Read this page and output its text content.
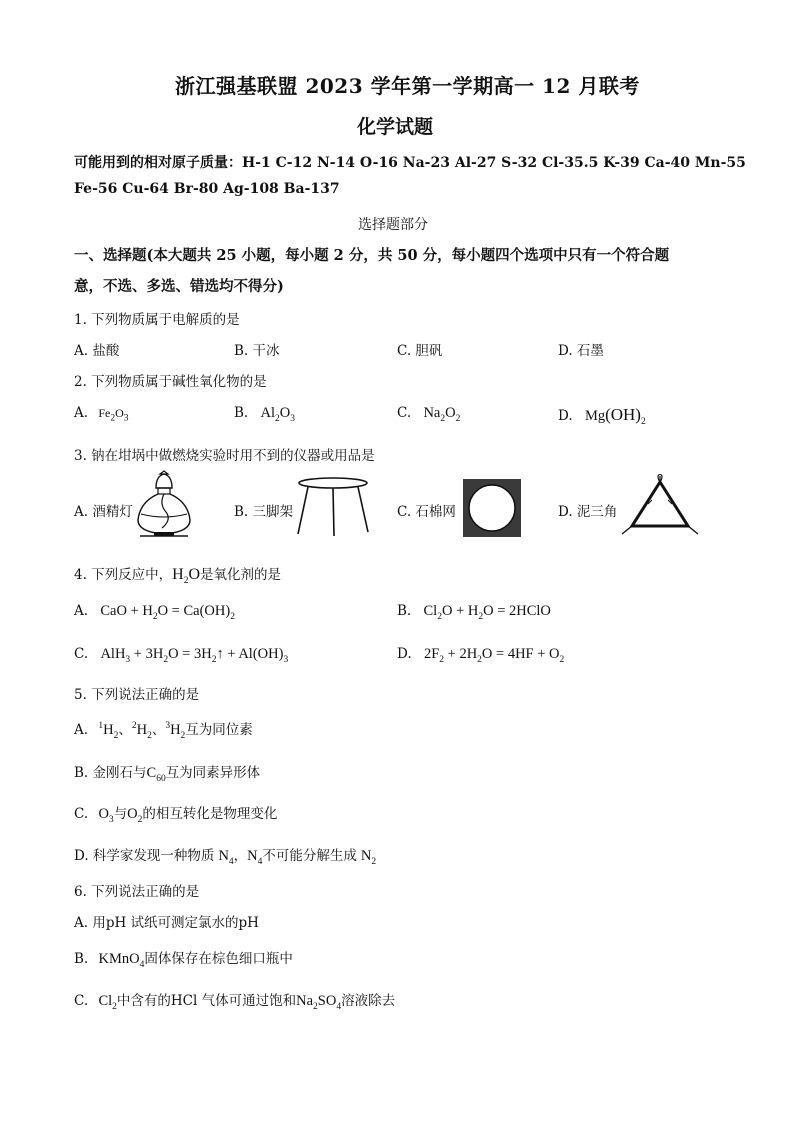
浙江强基联盟 2023 学年第一学期高一 12 月联考
化学试题
可能用到的相对原子质量：H-1 C-12 N-14 O-16 Na-23 Al-27 S-32 Cl-35.5 K-39 Ca-40 Mn-55
Fe-56 Cu-64 Br-80 Ag-108 Ba-137
选择题部分
一、选择题(本大题共 25 小题，每小题 2 分，共 50 分，每小题四个选项中只有一个符合题
意，不选、多选、错选均不得分)
1. 下列物质属于电解质的是
A. 盐酸	B. 干冰	C. 胆矾	D. 石墨
2. 下列物质属于碱性氧化物的是
A. $Fe_2O_3$	B. $Al_2O_3$	C. $Na_2O_2$	D. $Mg(OH)_2$
3. 钠在坩埚中做燃烧实验时用不到的仪器或用品是
A. 酒精灯	B. 三脚架	C. 石棉网	D. 泥三角
4. 下列反应中，$H_2O$是氧化剂的是
A. CaO + $H_2O = Ca(OH)_2$	B. $Cl_2O + H_2O$ = 2HClO
C. $AlH_3 + 3H_2O$ = $3H_2↑ + Al(OH)_3$	D. $2F_2 + 2H_2O = 4HF + O_2$
5. 下列说法正确的是
A. $^1H_2$、$^2H_2$、$^3H_2$互为同位素
B. 金刚石与$C_{60}$互为同素异形体
C. $O_3$与$O_2$的相互转化是物理变化
D. 科学家发现一种物质 $N_4$，$N_4$不可能分解生成 $N_2$
6. 下列说法正确的是
A. 用pH 试纸可测定氯水的pH
B. KMnO$_4$固体保存在棕色细口瓶中
C. $Cl_2$中含有的HCl 气体可通过饱和$Na_2SO_4$溶液除去
